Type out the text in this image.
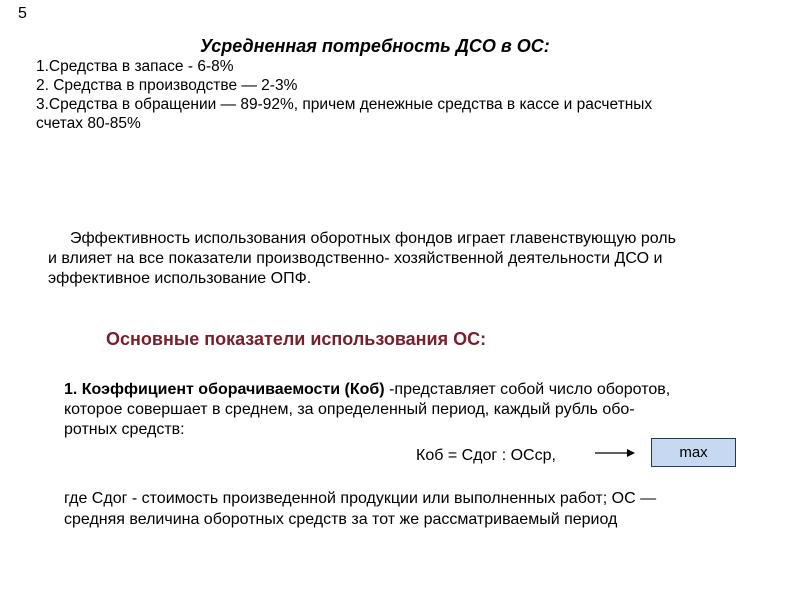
5
Усредненная потребность ДСО в ОС:
1.Средства в запасе - 6-8%
2. Средства в производстве — 2-3%
3.Средства в обращении — 89-92%, причем денежные средства в кассе и расчетных
счетах 80-85%
Эффективность использования оборотных фондов играет главенствующую роль
и влияет на все показатели производственно- хозяйственной деятельности ДСО и
эффективное использование ОПФ.
Основные показатели использования ОС:
1. Коэффициент оборачиваемости (Коб) -представляет собой число оборотов,
которое совершает в среднем, за определенный период, каждый рубль обо-
ротных средств:
Коб = Сдог : ОСср,	max
где Сдог - стоимость произведенной продукции или выполненных работ; ОС —
средняя величина оборотных средств за тот же рассматриваемый период
